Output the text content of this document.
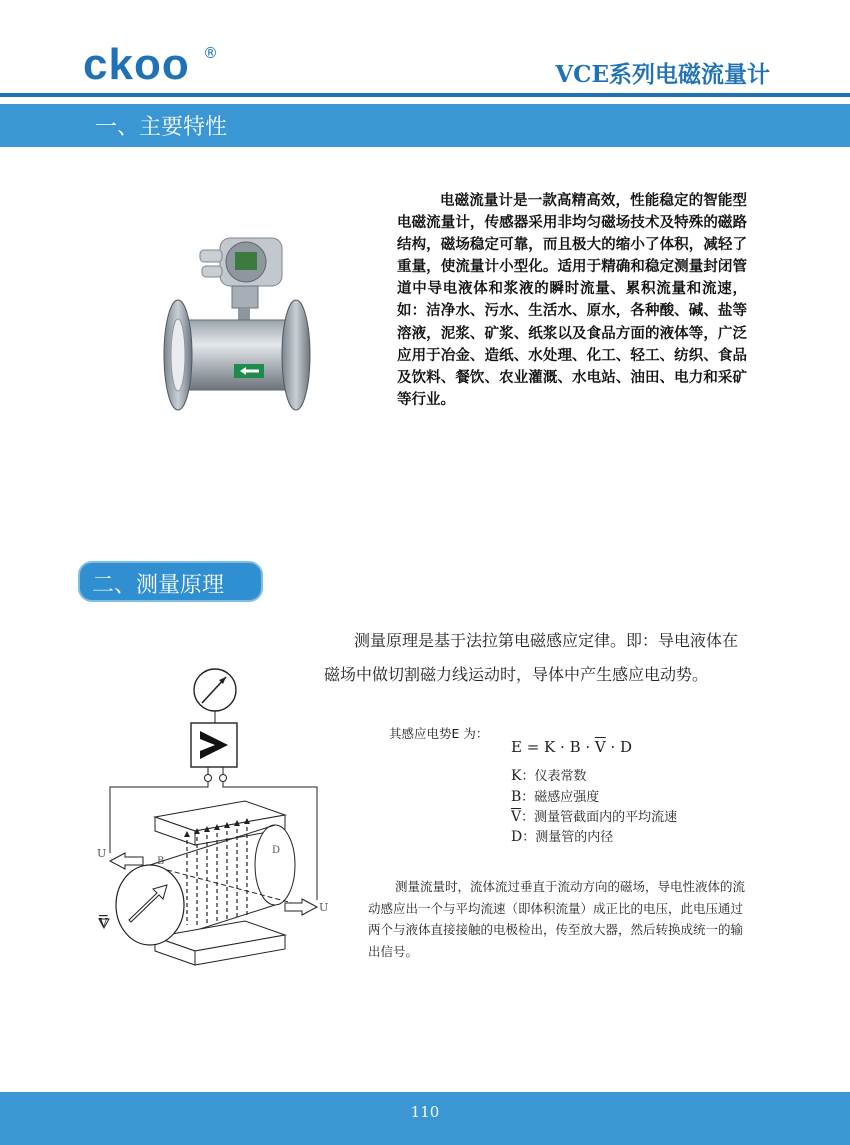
ckoo ®
VCE系列电磁流量计
一、主要特性
电磁流量计是一款高精高效，性能稳定的智能型电磁流量计，传感器采用非均匀磁场技术及特殊的磁路结构，磁场稳定可靠，而且极大的缩小了体积，减轻了重量，使流量计小型化。适用于精确和稳定测量封闭管道中导电液体和浆液的瞬时流量、累积流量和流速，如：洁净水、污水、生活水、原水，各种酸、碱、盐等溶液，泥浆、矿浆、纸浆以及食品方面的液体等，广泛应用于冶金、造纸、水处理、化工、轻工、纺织、食品及饮料、餐饮、农业灌溉、水电站、油田、电力和采矿等行业。
二、测量原理
测量原理是基于法拉第电磁感应定律。即：导电液体在
磁场中做切割磁力线运动时，导体中产生感应电动势。
U
U
B
D
V
其感应电势E 为：
$E = K \cdot B \cdot \overline{V} \cdot D$
K：仪表常数
B：磁感应强度
$\overline{V}$：测量管截面内的平均流速
D：测量管的内径
测量流量时，流体流过垂直于流动方向的磁场，导电性液体的流动感应出一个与平均流速（即体积流量）成正比的电压，此电压通过两个与液体直接接触的电极检出，传至放大器，然后转换成统一的输出信号。
110
